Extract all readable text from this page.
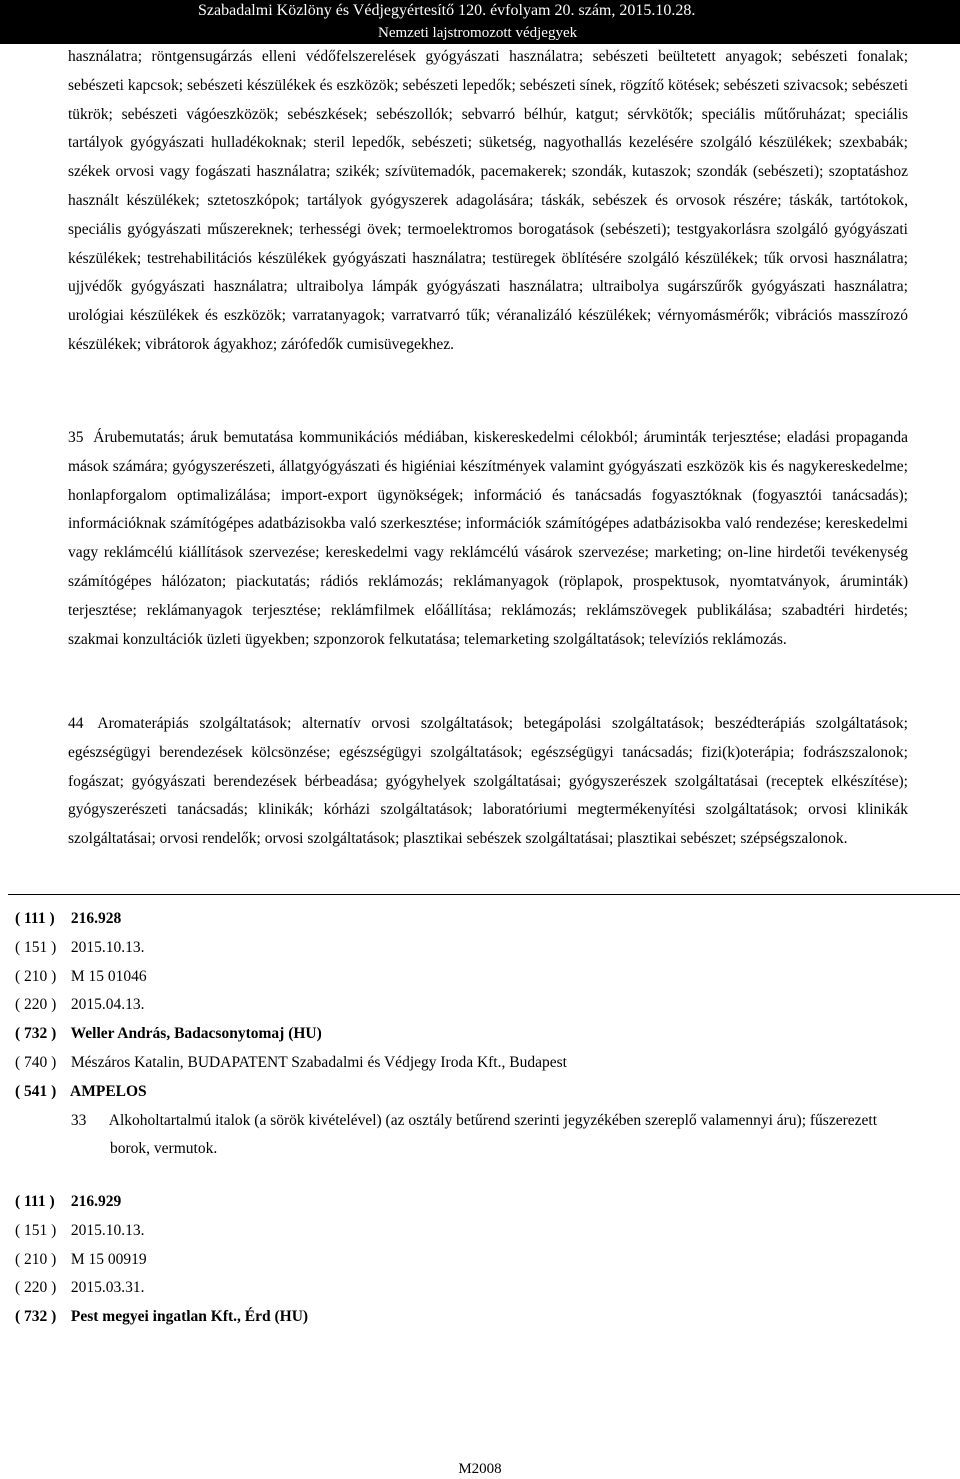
Szabadalmi Közlöny és Védjegyértesítő 120. évfolyam 20. szám, 2015.10.28.
Nemzeti lajstromozott védjegyek
használatra; röntgensugárzás elleni védőfelszerelések gyógyászati használatra; sebészeti beültetett anyagok; sebészeti fonalak; sebészeti kapcsok; sebészeti készülékek és eszközök; sebészeti lepedők; sebészeti sínek, rögzítő kötések; sebészeti szivacsok; sebészeti tükrök; sebészeti vágóeszközök; sebészkések; sebészollók; sebvarró bélhúr, katgut; sérvkötők; speciális műtőruházat; speciális tartályok gyógyászati hulladékoknak; steril lepedők, sebészeti; süketség, nagyothallás kezelésére szolgáló készülékek; szexbabák; székek orvosi vagy fogászati használatra; szikék; szívütemadók, pacemakerek; szondák, kutaszok; szondák (sebészeti); szoptatáshoz használt készülékek; sztetoszkópok; tartályok gyógyszerek adagolására; táskák, sebészek és orvosok részére; táskák, tartótokok, speciális gyógyászati műszereknek; terhességi övek; termoelektromos borogatások (sebészeti); testgyakorlásra szolgáló gyógyászati készülékek; testrehabilitációs készülékek gyógyászati használatra; testüregek öblítésére szolgáló készülékek; tűk orvosi használatra; ujjvédők gyógyászati használatra; ultraibolya lámpák gyógyászati használatra; ultraibolya sugárszűrők gyógyászati használatra; urológiai készülékek és eszközök; varratanyagok; varratvarró tűk; véranalizáló készülékek; vérnyomásmérők; vibrációs masszírozó készülékek; vibrátorok ágyakhoz; zárófedők cumisüvegekhez.
35 Árubemutatás; áruk bemutatása kommunikációs médiában, kiskereskedelmi célokból; áruminták terjesztése; eladási propaganda mások számára; gyógyszerészeti, állatgyógyászati és higiéniai készítmények valamint gyógyászati eszközök kis és nagykereskedelme; honlapforgalom optimalizálása; import-export ügynökségek; információ és tanácsadás fogyasztóknak (fogyasztói tanácsadás); információknak számítógépes adatbázisokba való szerkesztése; információk számítógépes adatbázisokba való rendezése; kereskedelmi vagy reklámcélú kiállítások szervezése; kereskedelmi vagy reklámcélú vásárok szervezése; marketing; on-line hirdetői tevékenység számítógépes hálózaton; piackutatás; rádiós reklámozás; reklámanyagok (röplapok, prospektusok, nyomtatványok, áruminták) terjesztése; reklámanyagok terjesztése; reklámfilmek előállítása; reklámozás; reklámszövegek publikálása; szabadtéri hirdetés; szakmai konzultációk üzleti ügyekben; szponzorok felkutatása; telemarketing szolgáltatások; televíziós reklámozás.
44 Aromaterápiás szolgáltatások; alternatív orvosi szolgáltatások; betegápolási szolgáltatások; beszédterápiás szolgáltatások; egészségügyi berendezések kölcsönzése; egészségügyi szolgáltatások; egészségügyi tanácsadás; fizi(k)oterápia; fodrászszalonok; fogászat; gyógyászati berendezések bérbeadása; gyógyhelyek szolgáltatásai; gyógyszerészek szolgáltatásai (receptek elkészítése); gyógyszerészeti tanácsadás; klinikák; kórházi szolgáltatások; laboratóriumi megtermékenyítési szolgáltatások; orvosi klinikák szolgáltatásai; orvosi rendelők; orvosi szolgáltatások; plasztikai sebészek szolgáltatásai; plasztikai sebészet; szépségszalonok.
( 111 ) 216.928
( 151 ) 2015.10.13.
( 210 ) M 15 01046
( 220 ) 2015.04.13.
( 732 ) Weller András, Badacsonytomaj (HU)
( 740 ) Mészáros Katalin, BUDAPATENT Szabadalmi és Védjegy Iroda Kft., Budapest
( 541 ) AMPELOS
33 Alkoholtartalmú italok (a sörök kivételével) (az osztály betűrend szerinti jegyzékében szereplő valamennyi áru); fűszerezett borok, vermutok.
( 111 ) 216.929
( 151 ) 2015.10.13.
( 210 ) M 15 00919
( 220 ) 2015.03.31.
( 732 ) Pest megyei ingatlan Kft., Érd (HU)
M2008
